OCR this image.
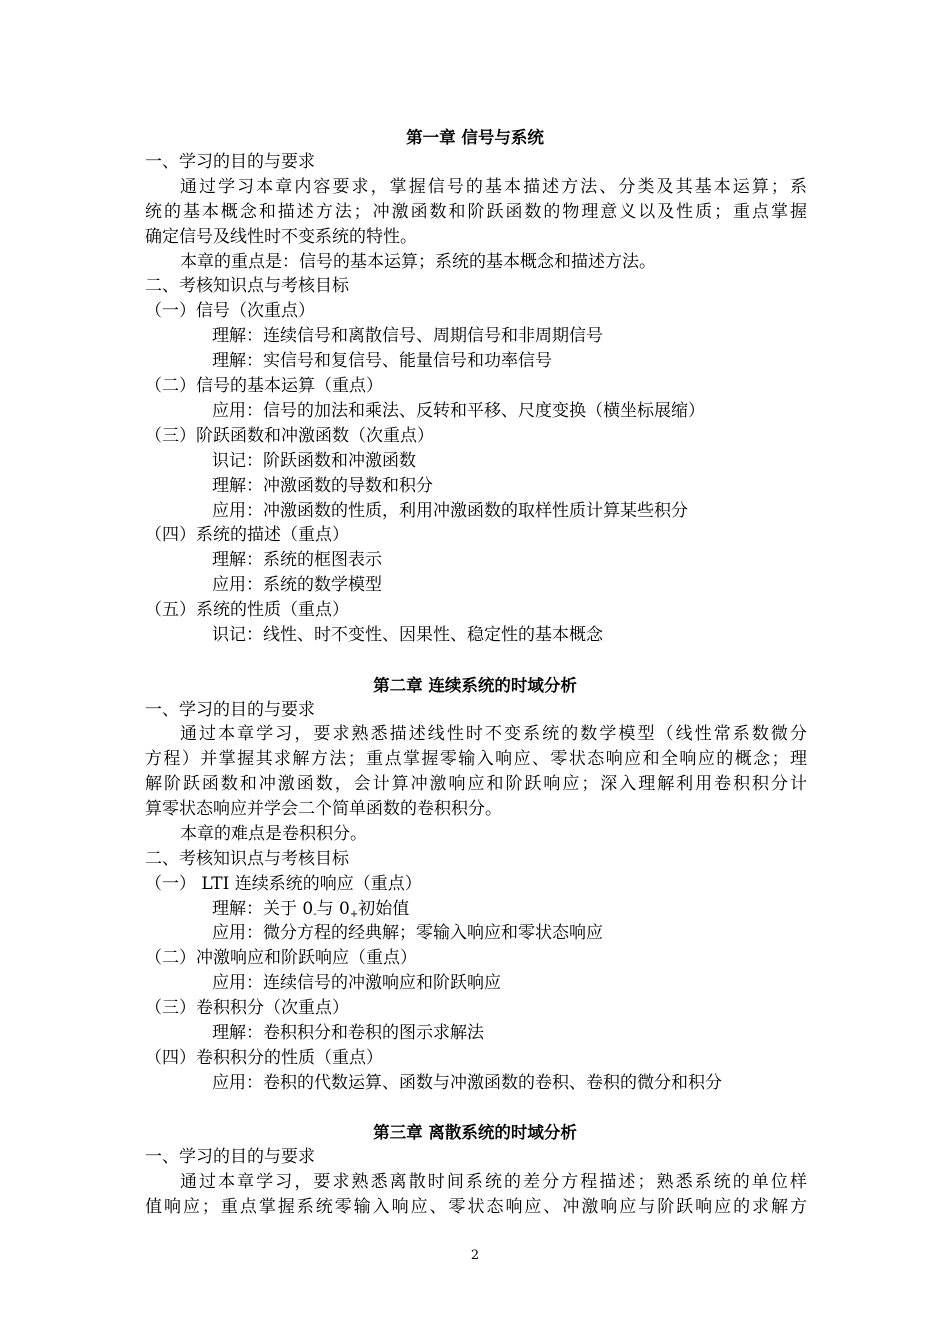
第一章 信号与系统
一、学习的目的与要求
通过学习本章内容要求，掌握信号的基本描述方法、分类及其基本运算；系
统的基本概念和描述方法；冲激函数和阶跃函数的物理意义以及性质；重点掌握
确定信号及线性时不变系统的特性。
本章的重点是：信号的基本运算；系统的基本概念和描述方法。
二、考核知识点与考核目标
（一）信号（次重点）
理解：连续信号和离散信号、周期信号和非周期信号
理解：实信号和复信号、能量信号和功率信号
（二）信号的基本运算（重点）
应用：信号的加法和乘法、反转和平移、尺度变换（横坐标展缩）
（三）阶跃函数和冲激函数（次重点）
识记：阶跃函数和冲激函数
理解：冲激函数的导数和积分
应用：冲激函数的性质，利用冲激函数的取样性质计算某些积分
（四）系统的描述（重点）
理解：系统的框图表示
应用：系统的数学模型
（五）系统的性质（重点）
识记：线性、时不变性、因果性、稳定性的基本概念
第二章 连续系统的时域分析
一、学习的目的与要求
通过本章学习，要求熟悉描述线性时不变系统的数学模型（线性常系数微分
方程）并掌握其求解方法；重点掌握零输入响应、零状态响应和全响应的概念；理
解阶跃函数和冲激函数，会计算冲激响应和阶跃响应；深入理解利用卷积积分计
算零状态响应并学会二个简单函数的卷积积分。
本章的难点是卷积积分。
二、考核知识点与考核目标
（一） LTI 连续系统的响应（重点）
理解：关于 $0_-$与 $0_+$初始值
应用：微分方程的经典解；零输入响应和零状态响应
（二）冲激响应和阶跃响应（重点）
应用：连续信号的冲激响应和阶跃响应
（三）卷积积分（次重点）
理解：卷积积分和卷积的图示求解法
（四）卷积积分的性质（重点）
应用：卷积的代数运算、函数与冲激函数的卷积、卷积的微分和积分
第三章 离散系统的时域分析
一、学习的目的与要求
通过本章学习，要求熟悉离散时间系统的差分方程描述；熟悉系统的单位样
值响应；重点掌握系统零输入响应、零状态响应、冲激响应与阶跃响应的求解方
2
